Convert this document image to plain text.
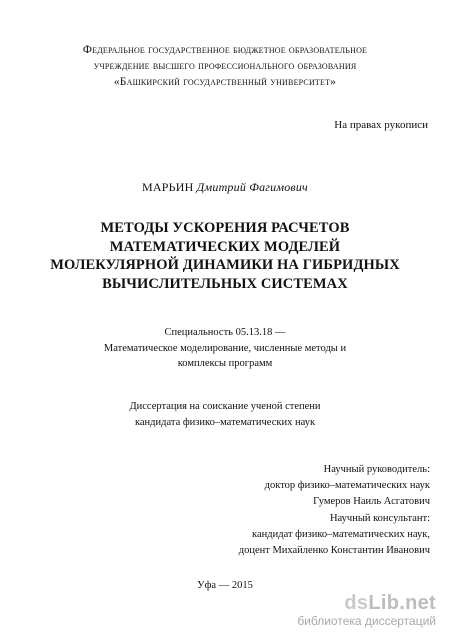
Федеральное государственное бюджетное образовательное
учреждение высшего профессионального образования
«Башкирский государственный университет»
На правах рукописи
МАРЬИН Дмитрий Фагимович
МЕТОДЫ УСКОРЕНИЯ РАСЧЕТОВ
МАТЕМАТИЧЕСКИХ МОДЕЛЕЙ
МОЛЕКУЛЯРНОЙ ДИНАМИКИ НА ГИБРИДНЫХ
ВЫЧИСЛИТЕЛЬНЫХ СИСТЕМАХ
Специальность 05.13.18 —
Математическое моделирование, численные методы и
комплексы программ
Диссертация на соискание ученой степени
кандидата физико–математических наук
Научный руководитель:
доктор физико–математических наук
Гумеров Наиль Асгатович
Научный консультант:
кандидат физико–математических наук,
доцент Михайленко Константин Иванович
Уфа — 2015
dsLib.net
библиотека диссертаций
